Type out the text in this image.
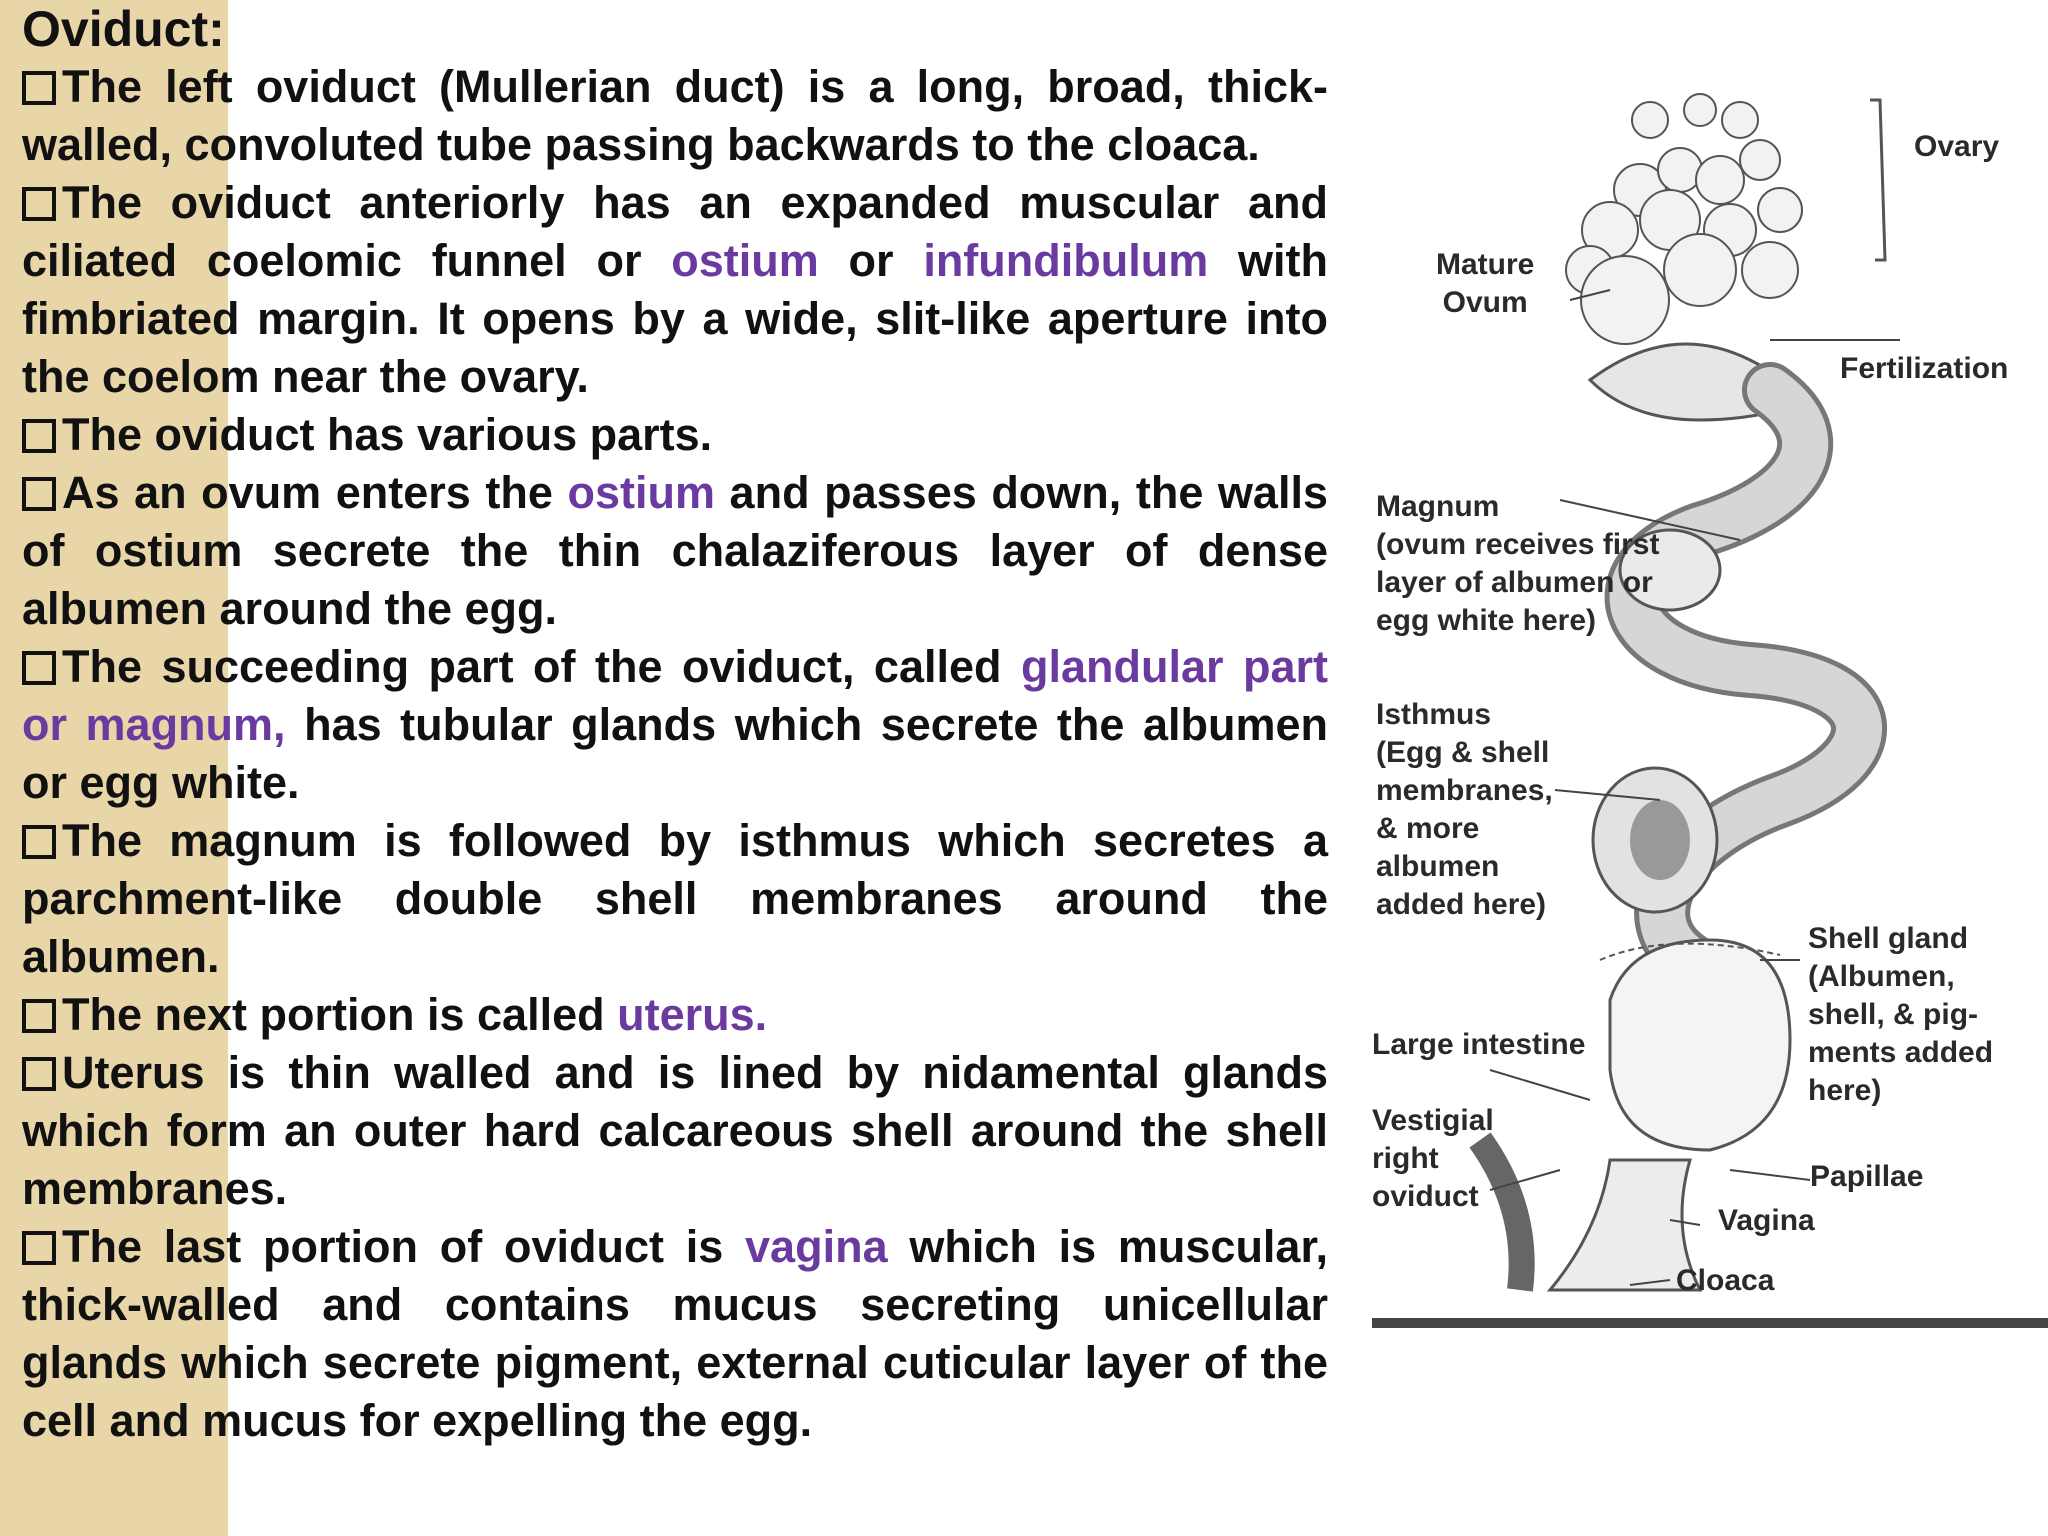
Oviduct:
The left oviduct (Mullerian duct) is a long, broad, thick-walled, convoluted tube passing backwards to the cloaca.
The oviduct anteriorly has an expanded muscular and ciliated coelomic funnel or ostium or infundibulum with fimbriated margin. It opens by a wide, slit-like aperture into the coelom near the ovary.
The oviduct has various parts.
As an ovum enters the ostium and passes down, the walls of ostium secrete the thin chalaziferous layer of dense albumen around the egg.
The succeeding part of the oviduct, called glandular part or magnum, has tubular glands which secrete the albumen or egg white.
The magnum is followed by isthmus which secretes a parchment-like double shell membranes around the albumen.
The next portion is called uterus.
Uterus is thin walled and is lined by nidamental glands which form an outer hard calcareous shell around the shell membranes.
The last portion of oviduct is vagina which is muscular, thick-walled and contains mucus secreting unicellular glands which secrete pigment, external cuticular layer of the cell and mucus for expelling the egg.
Ovary
Mature
Ovum
Fertilization
Magnum
(ovum receives first
layer of albumen or
egg white here)
Isthmus
(Egg & shell
membranes,
& more
albumen
added here)
Shell gland
(Albumen,
shell, & pig-
ments added
here)
Large intestine
Vestigial
right
oviduct
Papillae
Vagina
Cloaca
